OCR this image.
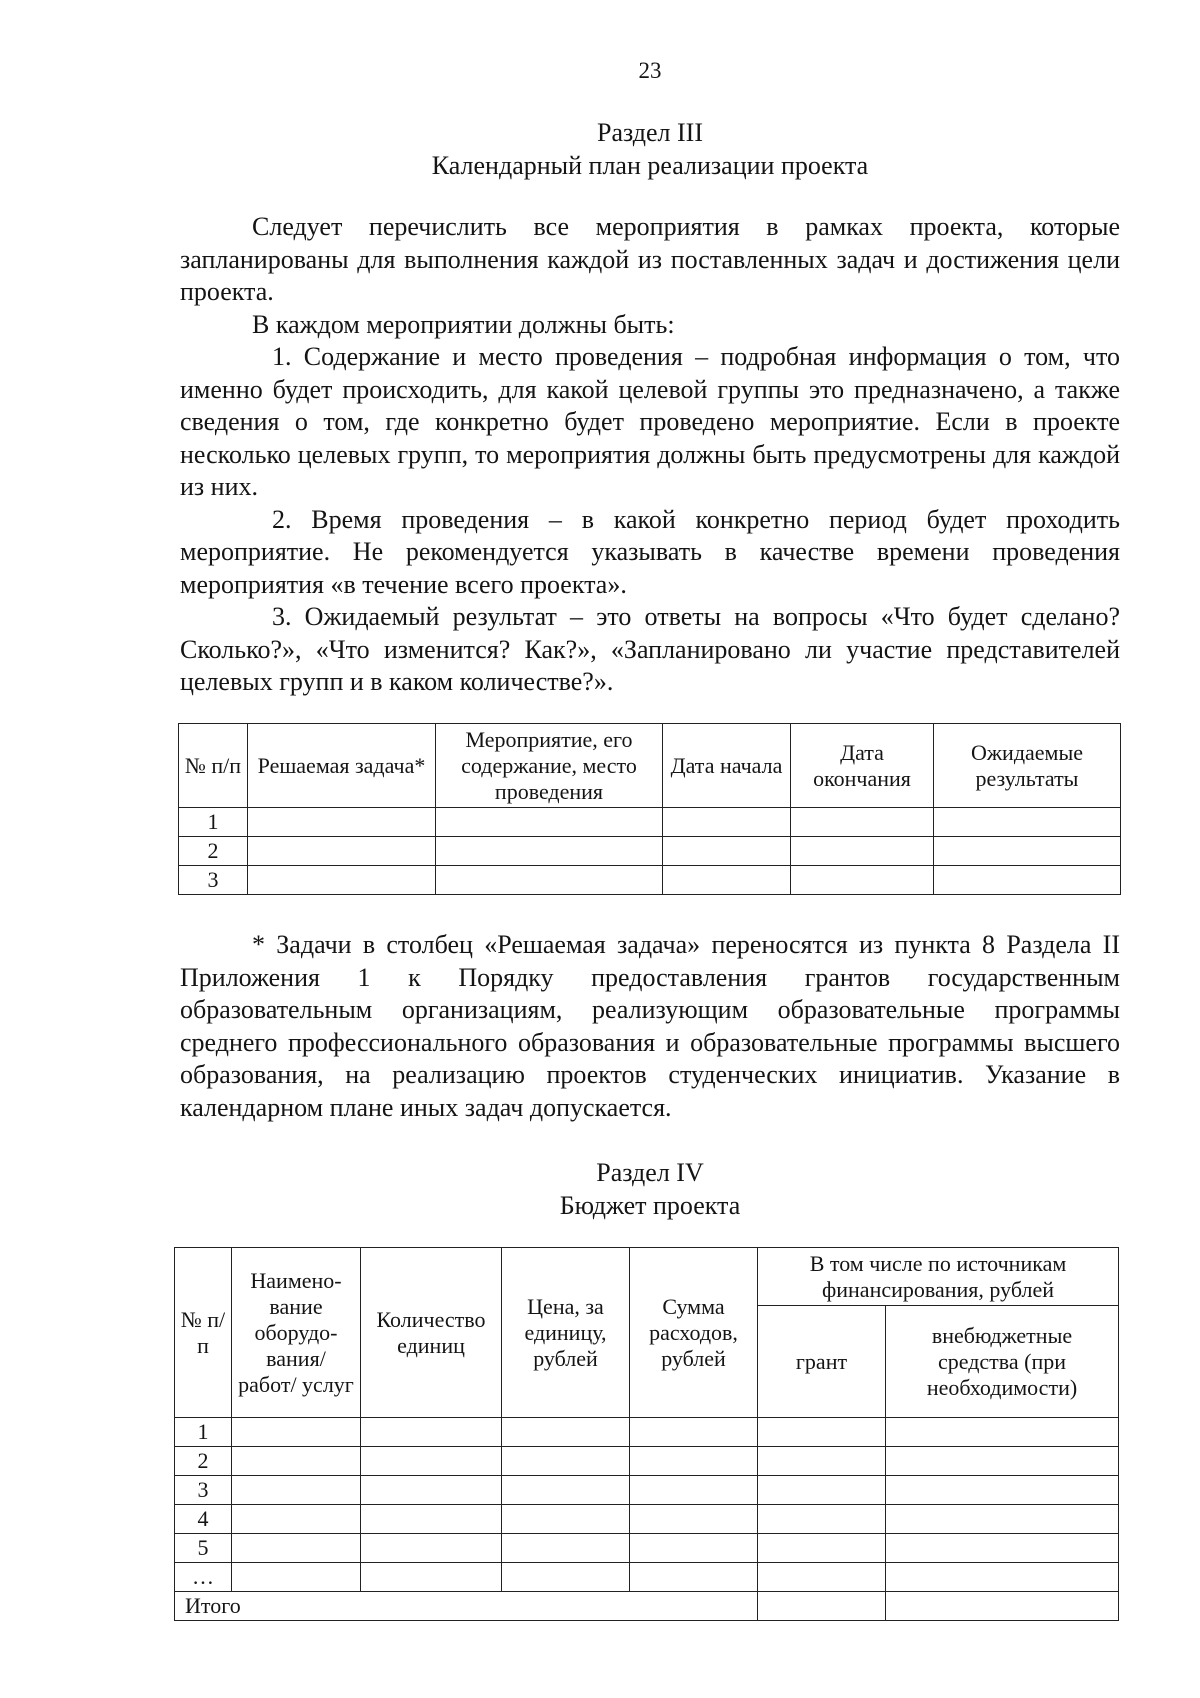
23
Раздел III
Календарный план реализации проекта

Следует перечислить все мероприятия в рамках проекта, которые запланированы для выполнения каждой из поставленных задач и достижения цели проекта.

В каждом мероприятии должны быть:

1. Содержание и место проведения – подробная информация о том, что именно будет происходить, для какой целевой группы это предназначено, а также сведения о том, где конкретно будет проведено мероприятие. Если в проекте несколько целевых групп, то мероприятия должны быть предусмотрены для каждой из них.

2. Время проведения – в какой конкретно период будет проходить мероприятие. Не рекомендуется указывать в качестве времени проведения мероприятия «в течение всего проекта».

3. Ожидаемый результат – это ответы на вопросы «Что будет сделано? Сколько?», «Что изменится? Как?», «Запланировано ли участие представителей целевых групп и в каком количестве?».

№ п/п	Решаемая задача*	Мероприятие, его содержание, место проведения	Дата начала	Дата окончания	Ожидаемые результаты
1					
2					
3					

* Задачи в столбец «Решаемая задача» переносятся из пункта 8 Раздела II Приложения 1 к Порядку предоставления грантов государственным образовательным организациям, реализующим образовательные программы среднего профессионального образования и образовательные программы высшего образования, на реализацию проектов студенческих инициатив. Указание в календарном плане иных задач допускается.

Раздел IV
Бюджет проекта
№ п/п	Наимено-вание оборудо-вания/ работ/ услуг	Количество единиц	Цена, за единицу, рублей	Сумма расходов, рублей	В том числе по источникам финансирования, рублей	
					грант	внебюджетные средства (при необходимости)
1						
2						
3						
4						
5						
…						
Итого						
